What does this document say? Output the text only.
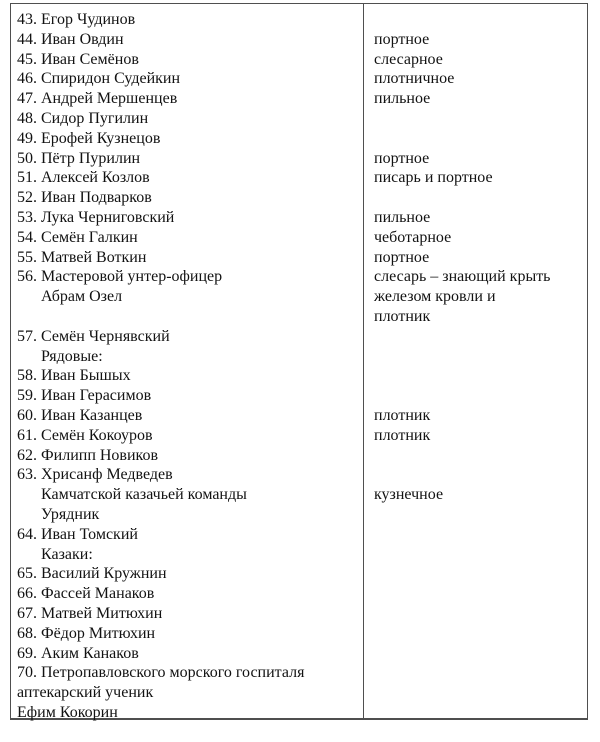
43. Егор Чудинов
44. Иван Овдин	портное
45. Иван Семёнов	слесарное
46. Спиридон Судейкин	плотничное
47. Андрей Мершенцев	пильное
48. Сидор Пугилин
49. Ерофей Кузнецов
50. Пётр Пурилин	портное
51. Алексей Козлов	писарь и портное
52. Иван Подварков
53. Лука Черниговский	пильное
54. Семён Галкин	чеботарное
55. Матвей Воткин	портное
56. Мастеровой унтер-офицер	слесарь – знающий крыть
Абрам Озел	железом кровли и
плотник
57. Семён Чернявский
Рядовые:
58. Иван Бышых
59. Иван Герасимов
60. Иван Казанцев	плотник
61. Семён Кокоуров	плотник
62. Филипп Новиков
63. Хрисанф Медведев
Камчатской казачьей команды	кузнечное
Урядник
64. Иван Томский
Казаки:
65. Василий Кружнин
66. Фассей Манаков
67. Матвей Митюхин
68. Фёдор Митюхин
69. Аким Канаков
70. Петропавловского морского госпиталя
аптекарский ученик
Ефим Кокорин
